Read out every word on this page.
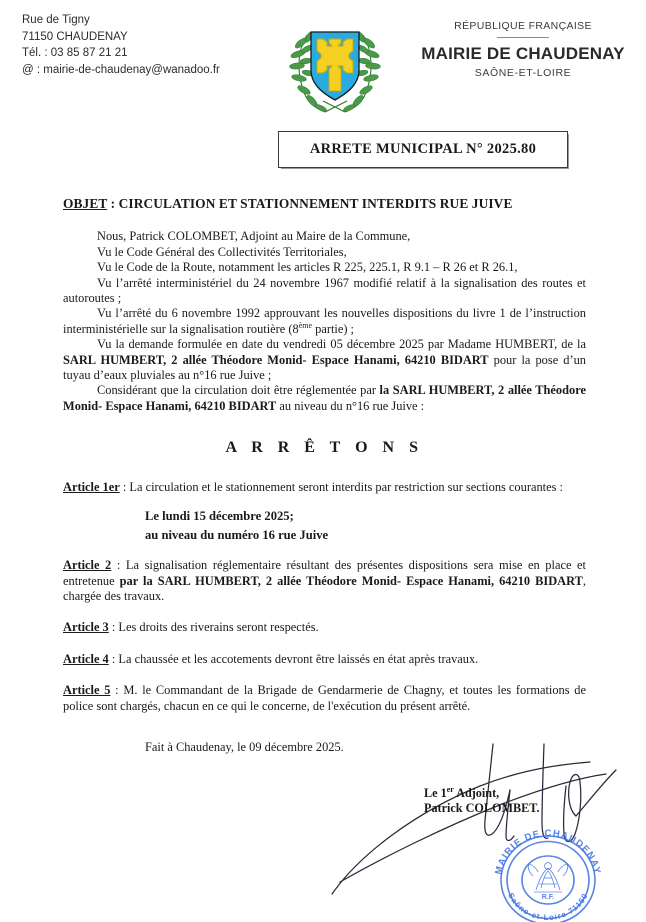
Rue de Tigny
71150 CHAUDENAY
Tél. : 03 85 87 21 21
@ : mairie-de-chaudenay@wanadoo.fr
RÉPUBLIQUE FRANÇAISE
MAIRIE DE CHAUDENAY
SAÔNE-ET-LOIRE
ARRETE MUNICIPAL N° 2025.80
OBJET : CIRCULATION ET STATIONNEMENT INTERDITS RUE JUIVE

Nous, Patrick COLOMBET, Adjoint au Maire de la Commune,

Vu le Code Général des Collectivités Territoriales,

Vu le Code de la Route, notamment les articles R 225, 225.1, R 9.1 – R 26 et R 26.1,

Vu l’arrêté interministériel du 24 novembre 1967 modifié relatif à la signalisation des routes et autoroutes ;

Vu l’arrêté du 6 novembre 1992 approuvant les nouvelles dispositions du livre 1 de l’instruction interministérielle sur la signalisation routière (8ème partie) ;

Vu la demande formulée en date du vendredi 05 décembre 2025 par Madame HUMBERT, de la SARL HUMBERT, 2 allée Théodore Monid- Espace Hanami, 64210 BIDART pour la pose d’un tuyau d’eaux pluviales au n°16 rue Juive ;

Considérant que la circulation doit être réglementée par la SARL HUMBERT, 2 allée Théodore Monid- Espace Hanami, 64210 BIDART au niveau du n°16 rue Juive :

A R R Ê T O N S

Article 1er : La circulation et le stationnement seront interdits par restriction sur sections courantes :

Le lundi 15 décembre 2025;
au niveau du numéro 16 rue Juive

Article 2 : La signalisation réglementaire résultant des présentes dispositions sera mise en place et entretenue par la SARL HUMBERT, 2 allée Théodore Monid- Espace Hanami, 64210 BIDART, chargée des travaux.

Article 3 : Les droits des riverains seront respectés.

Article 4 : La chaussée et les accotements devront être laissés en état après travaux.

Article 5 : M. le Commandant de la Brigade de Gendarmerie de Chagny, et toutes les formations de police sont chargés, chacun en ce qui le concerne, de l'exécution du présent arrêté.

Fait à Chaudenay, le 09 décembre 2025.
Le 1er Adjoint,
Patrick COLOMBET.
MAIRIE DE CHAUDENAY
Saône-et-Loire 71150
R.F.
